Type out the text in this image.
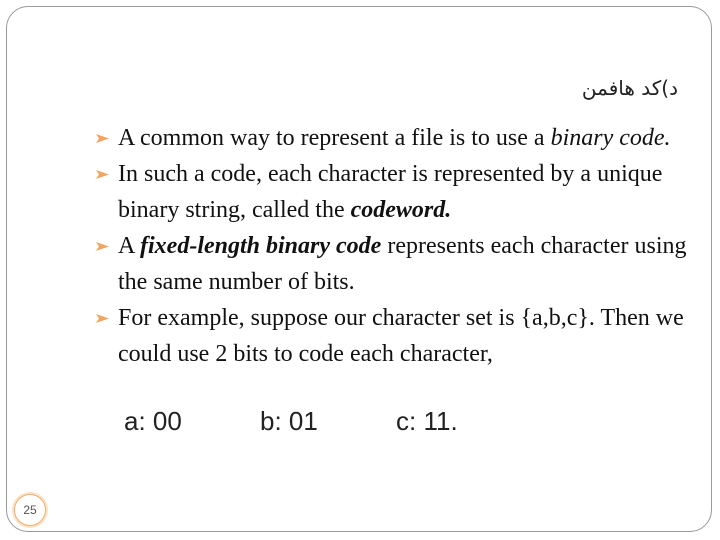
د)کد هافمن
A common way to represent a file is to use a binary code.
In such a code, each character is represented by a unique binary string, called the codeword.
A fixed-length binary code represents each character using the same number of bits.
For example, suppose our character set is {a,b,c}. Then we could use 2 bits to code each character,
a: 00	b: 01	c: 11.
25
